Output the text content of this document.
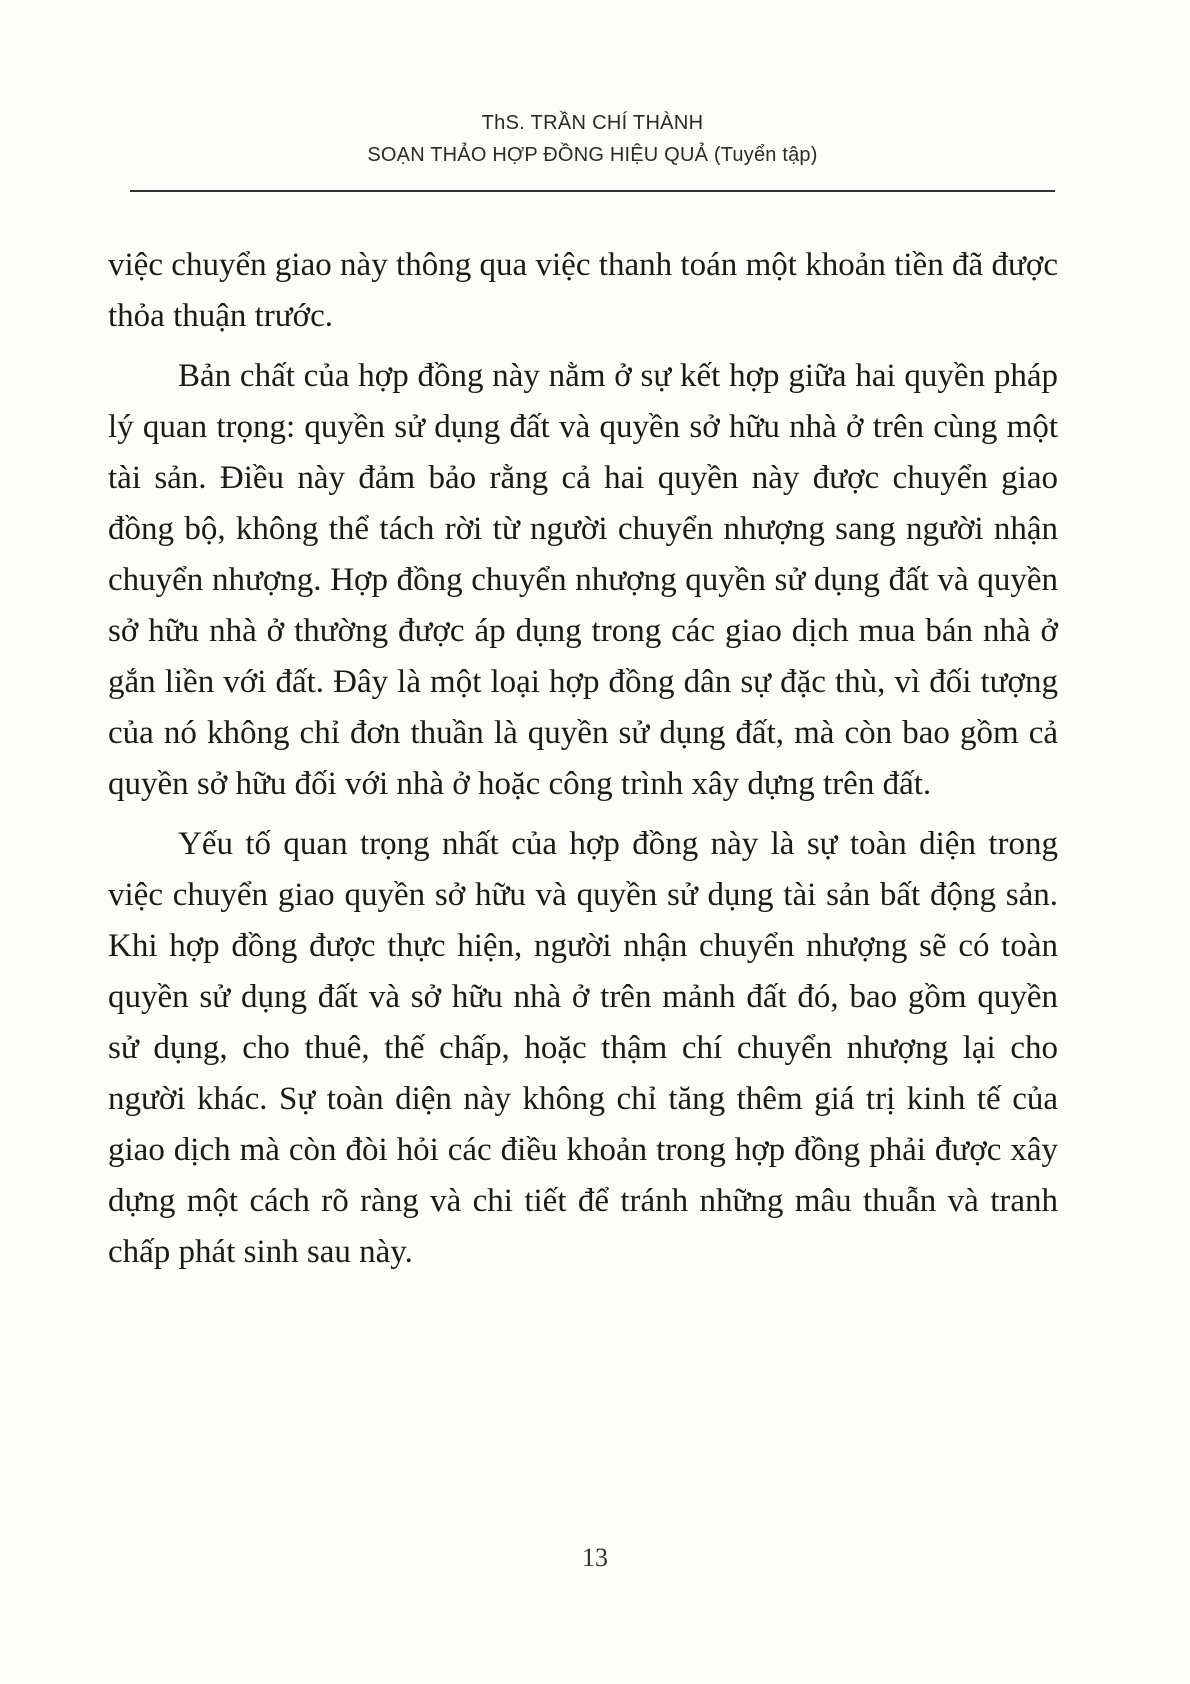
ThS. TRẦN CHÍ THÀNH
SOẠN THẢO HỢP ĐỒNG HIỆU QUẢ (Tuyển tập)

việc chuyển giao này thông qua việc thanh toán một khoản tiền đã được thỏa thuận trước.

Bản chất của hợp đồng này nằm ở sự kết hợp giữa hai quyền pháp lý quan trọng: quyền sử dụng đất và quyền sở hữu nhà ở trên cùng một tài sản. Điều này đảm bảo rằng cả hai quyền này được chuyển giao đồng bộ, không thể tách rời từ người chuyển nhượng sang người nhận chuyển nhượng. Hợp đồng chuyển nhượng quyền sử dụng đất và quyền sở hữu nhà ở thường được áp dụng trong các giao dịch mua bán nhà ở gắn liền với đất. Đây là một loại hợp đồng dân sự đặc thù, vì đối tượng của nó không chỉ đơn thuần là quyền sử dụng đất, mà còn bao gồm cả quyền sở hữu đối với nhà ở hoặc công trình xây dựng trên đất.

Yếu tố quan trọng nhất của hợp đồng này là sự toàn diện trong việc chuyển giao quyền sở hữu và quyền sử dụng tài sản bất động sản. Khi hợp đồng được thực hiện, người nhận chuyển nhượng sẽ có toàn quyền sử dụng đất và sở hữu nhà ở trên mảnh đất đó, bao gồm quyền sử dụng, cho thuê, thế chấp, hoặc thậm chí chuyển nhượng lại cho người khác. Sự toàn diện này không chỉ tăng thêm giá trị kinh tế của giao dịch mà còn đòi hỏi các điều khoản trong hợp đồng phải được xây dựng một cách rõ ràng và chi tiết để tránh những mâu thuẫn và tranh chấp phát sinh sau này.

13
